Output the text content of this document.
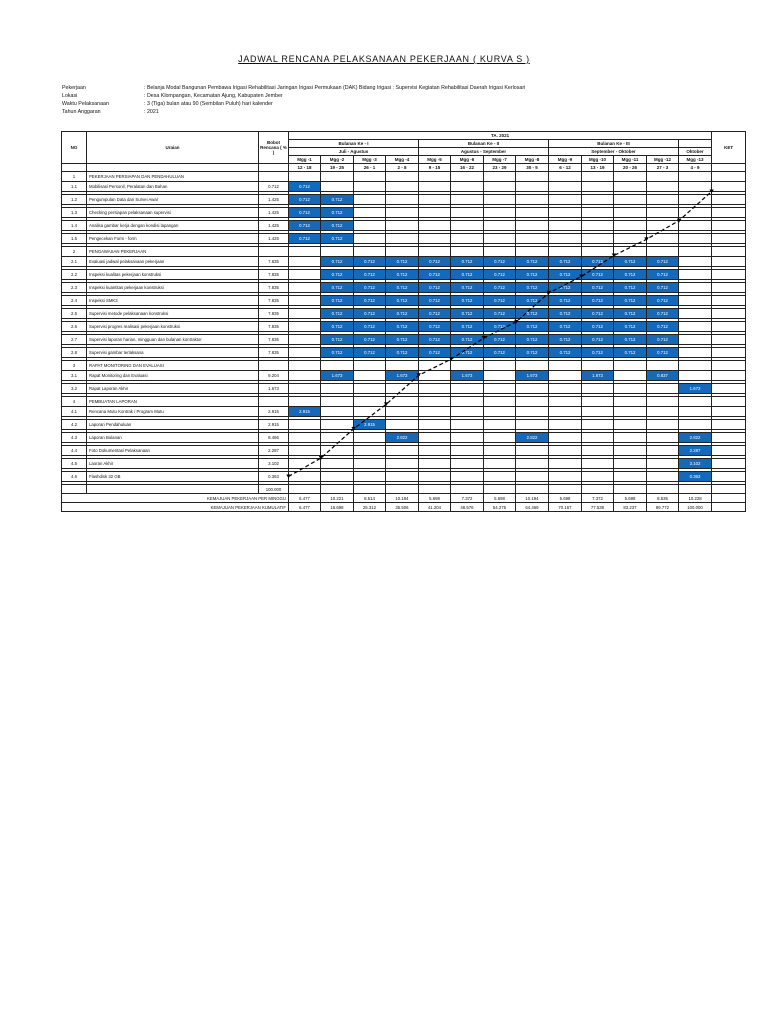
JADWAL RENCANA PELAKSANAAN PEKERJAAN ( KURVA S )
Pekerjaan	: Belanja Modal Bangunan Pembawa Irigasi Rehabilitasi Jaringan Irigasi Permukaan (DAK) Bidang Irigasi : Supervisi Kegiatan Rehabilitasi Daerah Irigasi Kerlosari
Lokasi	: Desa Klompangan, Kecamatan Ajung, Kabupaten Jember
Waktu Pelaksanaan	: 3 (Tiga) bulan atau 90 (Sembilan Puluh) hari kalender
Tahun Anggaran	: 2021
NO	Uraian	Bobot Rencana ( % )	TA. 2021													KET
			Bulanan Ke - I				Bulanan Ke - II				Bulanan Ke - III					
			Juli - Agustus				Agustus - September				September - Oktober				Oktober	
			Mgg -1	Mgg -2	Mgg -3	Mgg -4	Mgg -5	Mgg -6	Mgg -7	Mgg -8	Mgg -9	Mgg -10	Mgg -11	Mgg -12	Mgg -13	
			12 - 18	19 - 25	26 - 1	2 - 8	9 - 15	16 - 22	23 - 29	30 - 5	6 - 12	13 - 19	20 - 26	27 - 3	4 - 9	
1	PEKERJAAN PERSIAPAN DAN PENDAHULUAN															
1.1	Mobilisasi Personil, Peralatan dan Bahan	0.712	0.712													

1.2	Pengumpulan Data dan Survei Awal	1.425	0.712	0.712												

1.3	Checking persiapan pelaksanaan supervisi	1.425	0.712	0.712												

1.4	Analisa gambar kerja dengan kondisi lapangan	1.425	0.712	0.712												

1.5	Pengecekan Form - form	1.425	0.712	0.712												

2	PENGAWASAN PEKERJAAN															
2.1	Evaluasi jadwal pelaksanaan pekerjaan	7.835		0.712	0.712	0.712	0.712	0.712	0.712	0.712	0.712	0.712	0.712	0.712		

2.2	Inspeksi kualitas pekerjaan konstruksi	7.835		0.712	0.712	0.712	0.712	0.712	0.712	0.712	0.712	0.712	0.712	0.712		

2.3	Inspeksi kuantitas pekerjaan konstruksi	7.835		0.712	0.712	0.712	0.712	0.712	0.712	0.712	0.712	0.712	0.712	0.712		

2.4	Inspeksi SMK3	7.835		0.712	0.712	0.712	0.712	0.712	0.712	0.712	0.712	0.712	0.712	0.712		

2.5	Supervisi metode pelaksanaan konstruksi	7.835		0.712	0.712	0.712	0.712	0.712	0.712	0.712	0.712	0.712	0.712	0.712		

2.6	Supervisi progres realisasi pekerjaan konstruksi	7.835		0.712	0.712	0.712	0.712	0.712	0.712	0.712	0.712	0.712	0.712	0.712		

2.7	Supervisi laporan harian, mingguan dan bulanan kontraktor	7.835		0.712	0.712	0.712	0.712	0.712	0.712	0.712	0.712	0.712	0.712	0.712		

2.8	Supervisi gambar terlaksana	7.835		0.712	0.712	0.712	0.712	0.712	0.712	0.712	0.712	0.712	0.712	0.712		

3	RAPAT MONITORING DAN EVALUASI															
3.1	Rapat Monitoring dan Evaluasi	9.204		1.673		1.673		1.673		1.673		1.673		0.837		

3.2	Rapat Laporan Akhir	1.673													1.673	

4	PEMBUATAN LAPORAN															
4.1	Rencana Mutu Kontrak / Program Mutu	2.915	2.915													

4.2	Laporan Pendahuluan	2.915			2.915											

4.3	Laporan Bulanan	8.466				2.822				2.822					2.822	

4.4	Foto Dokumentasi Pelaksanaan	2.287													2.287	

4.5	Laoran Akhir	3.102													3.102	

4.6	Flashdisk 32 GB	0.363													0.363	

		100.000														
KEMAJUAN PEKERJAAN PER MINGGU			6.477	10.221	8.614	10.194	5.698	7.372	5.698	10.194	5.698	7.372	5.698	8.535	10.228	
KEMAJUAN PEKERJAAN KUMULATIF			6.477	16.698	25.312	35.506	41.204	48.576	54.275	64.469	70.167	77.539	83.237	89.772	100.000	
